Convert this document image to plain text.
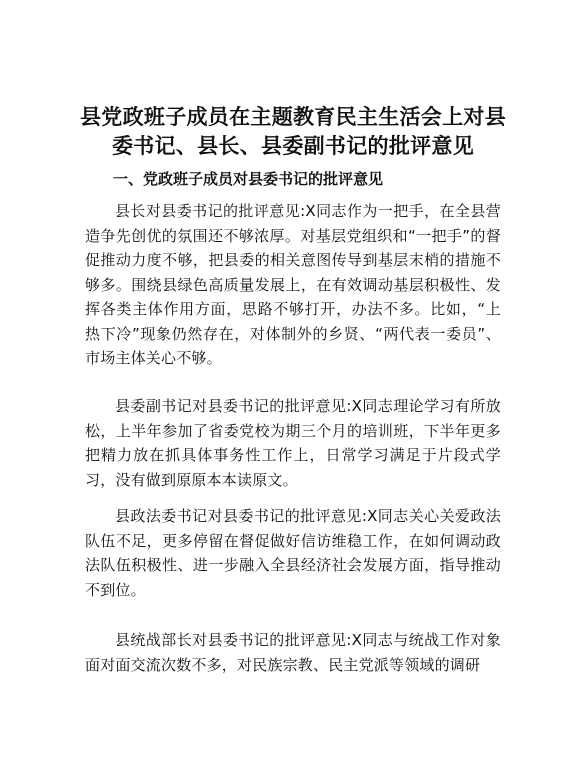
县党政班子成员在主题教育民主生活会上对县委书记、县长、县委副书记的批评意见

一、党政班子成员对县委书记的批评意见

县长对县委书记的批评意见:X同志作为一把手，在全县营造争先创优的氛围还不够浓厚。对基层党组织和“一把手”的督促推动力度不够，把县委的相关意图传导到基层末梢的措施不够多。围绕县绿色高质量发展上，在有效调动基层积极性、发挥各类主体作用方面，思路不够打开，办法不多。比如，“上热下冷”现象仍然存在，对体制外的乡贤、“两代表一委员”、市场主体关心不够。

县委副书记对县委书记的批评意见:X同志理论学习有所放松，上半年参加了省委党校为期三个月的培训班，下半年更多把精力放在抓具体事务性工作上，日常学习满足于片段式学习，没有做到原原本本读原文。

县政法委书记对县委书记的批评意见:X同志关心关爱政法队伍不足，更多停留在督促做好信访维稳工作，在如何调动政法队伍积极性、进一步融入全县经济社会发展方面，指导推动不到位。

县统战部长对县委书记的批评意见:X同志与统战工作对象面对面交流次数不多，对民族宗教、民主党派等领域的调研
